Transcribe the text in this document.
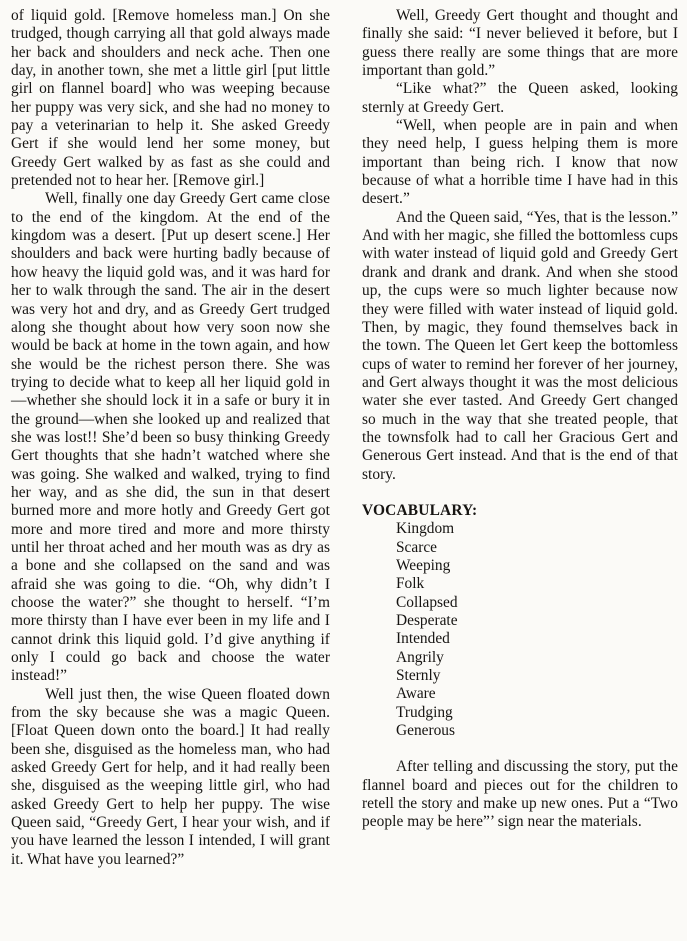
of liquid gold. [Remove homeless man.] On she trudged, though carrying all that gold always made her back and shoulders and neck ache. Then one day, in another town, she met a little girl [put little girl on flannel board] who was weeping because her puppy was very sick, and she had no money to pay a veterinarian to help it. She asked Greedy Gert if she would lend her some money, but Greedy Gert walked by as fast as she could and pretended not to hear her. [Remove girl.]

Well, finally one day Greedy Gert came close to the end of the kingdom. At the end of the kingdom was a desert. [Put up desert scene.] Her shoulders and back were hurting badly because of how heavy the liquid gold was, and it was hard for her to walk through the sand. The air in the desert was very hot and dry, and as Greedy Gert trudged along she thought about how very soon now she would be back at home in the town again, and how she would be the richest person there. She was trying to decide what to keep all her liquid gold in—whether she should lock it in a safe or bury it in the ground—when she looked up and realized that she was lost!! She’d been so busy thinking Greedy Gert thoughts that she hadn’t watched where she was going. She walked and walked, trying to find her way, and as she did, the sun in that desert burned more and more hotly and Greedy Gert got more and more tired and more and more thirsty until her throat ached and her mouth was as dry as a bone and she collapsed on the sand and was afraid she was going to die. “Oh, why didn’t I choose the water?” she thought to herself. “I’m more thirsty than I have ever been in my life and I cannot drink this liquid gold. I’d give anything if only I could go back and choose the water instead!”

Well just then, the wise Queen floated down from the sky because she was a magic Queen. [Float Queen down onto the board.] It had really been she, disguised as the homeless man, who had asked Greedy Gert for help, and it had really been she, disguised as the weeping little girl, who had asked Greedy Gert to help her puppy. The wise Queen said, “Greedy Gert, I hear your wish, and if you have learned the lesson I intended, I will grant it. What have you learned?”

Well, Greedy Gert thought and thought and finally she said: “I never believed it before, but I guess there really are some things that are more important than gold.”

“Like what?” the Queen asked, looking sternly at Greedy Gert.

“Well, when people are in pain and when they need help, I guess helping them is more important than being rich. I know that now because of what a horrible time I have had in this desert.”

And the Queen said, “Yes, that is the lesson.” And with her magic, she filled the bottomless cups with water instead of liquid gold and Greedy Gert drank and drank and drank. And when she stood up, the cups were so much lighter because now they were filled with water instead of liquid gold. Then, by magic, they found themselves back in the town. The Queen let Gert keep the bottomless cups of water to remind her forever of her journey, and Gert always thought it was the most delicious water she ever tasted. And Greedy Gert changed so much in the way that she treated people, that the townsfolk had to call her Gracious Gert and Generous Gert instead. And that is the end of that story.

VOCABULARY:
Kingdom
Scarce
Weeping
Folk
Collapsed
Desperate
Intended
Angrily
Sternly
Aware
Trudging
Generous

After telling and discussing the story, put the flannel board and pieces out for the children to retell the story and make up new ones. Put a “Two people may be here”’ sign near the materials.
